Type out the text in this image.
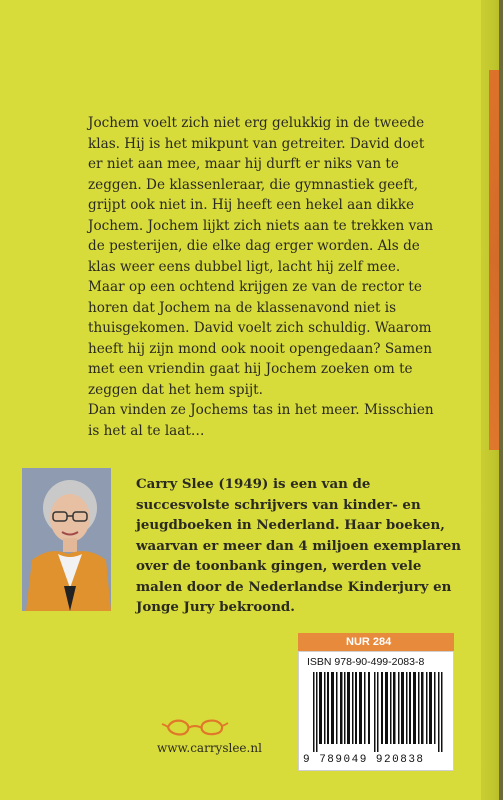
Jochem voelt zich niet erg gelukkig in de tweede klas. Hij is het mikpunt van getreiter. David doet er niet aan mee, maar hij durft er niks van te zeggen. De klassenleraar, die gymnastiek geeft, grijpt ook niet in. Hij heeft een hekel aan dikke Jochem. Jochem lijkt zich niets aan te trekken van de pesterijen, die elke dag erger worden. Als de klas weer eens dubbel ligt, lacht hij zelf mee.
Maar op een ochtend krijgen ze van de rector te horen dat Jochem na de klassenavond niet is thuisgekomen. David voelt zich schuldig. Waarom heeft hij zijn mond ook nooit opengedaan? Samen met een vriendin gaat hij Jochem zoeken om te zeggen dat het hem spijt.
Dan vinden ze Jochems tas in het meer. Misschien is het al te laat…
Carry Slee (1949) is een van de succesvolste schrijvers van kinder- en jeugdboeken in Nederland. Haar boeken, waarvan er meer dan 4 miljoen exemplaren over de toonbank gingen, werden vele malen door de Nederlandse Kinderjury en Jonge Jury bekroond.
NUR 284
ISBN 978-90-499-2083-8
9 789049 920838
www.carryslee.nl
